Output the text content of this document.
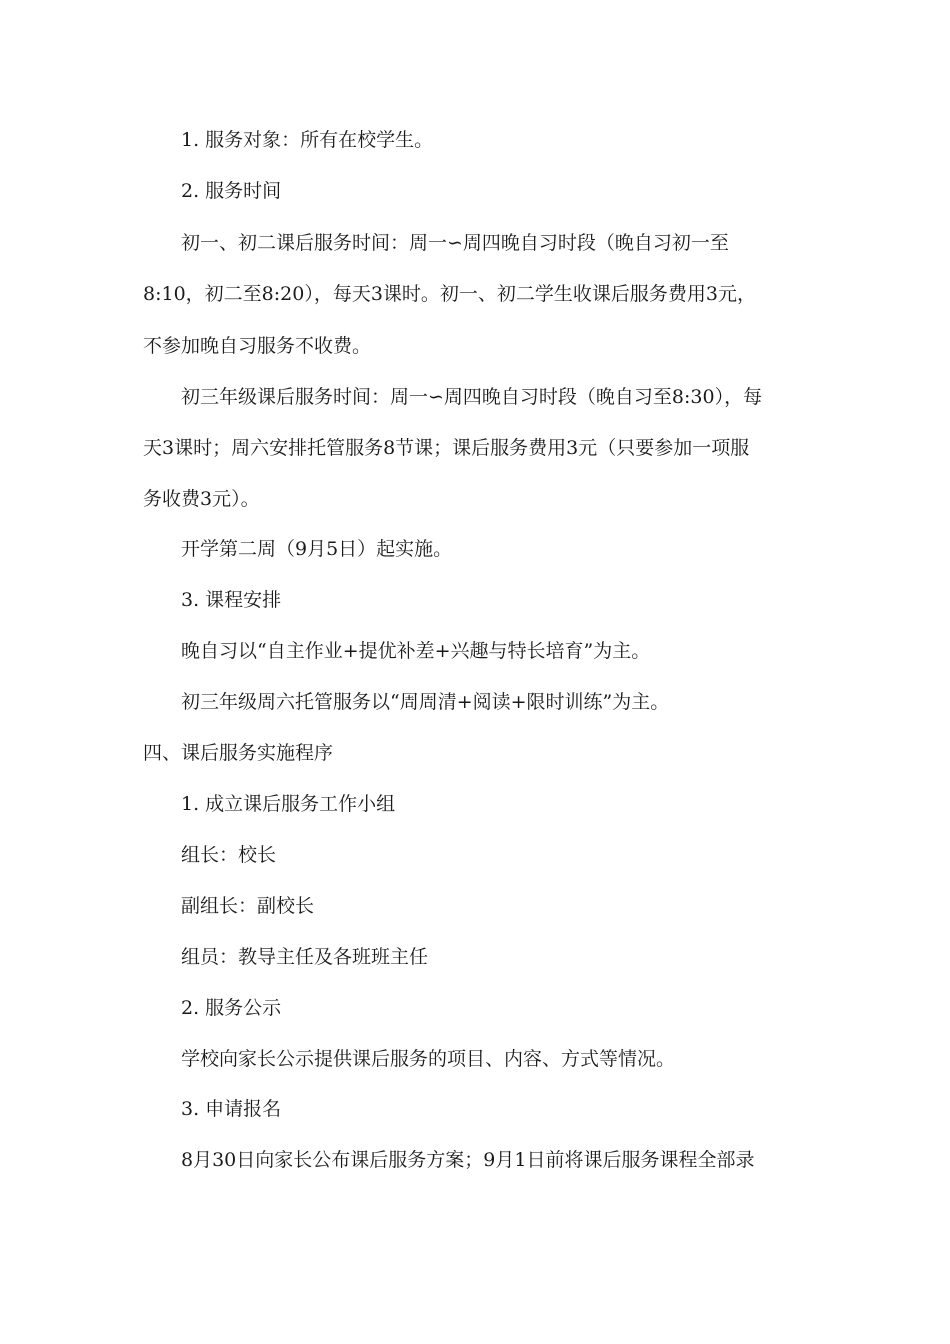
1. 服务对象：所有在校学生。
2. 服务时间
初一、初二课后服务时间：周一∽周四晚自习时段（晚自习初一至
8:10，初二至8:20），每天3课时。初一、初二学生收课后服务费用3元，
不参加晚自习服务不收费。
初三年级课后服务时间：周一∽周四晚自习时段（晚自习至8:30），每
天3课时；周六安排托管服务8节课；课后服务费用3元（只要参加一项服
务收费3元）。
开学第二周（9月5日）起实施。
3. 课程安排
晚自习以“自主作业+提优补差+兴趣与特长培育”为主。
初三年级周六托管服务以“周周清+阅读+限时训练”为主。
四、课后服务实施程序
1. 成立课后服务工作小组
组长：校长
副组长：副校长
组员：教导主任及各班班主任
2. 服务公示
学校向家长公示提供课后服务的项目、内容、方式等情况。
3. 申请报名
8月30日向家长公布课后服务方案；9月1日前将课后服务课程全部录
